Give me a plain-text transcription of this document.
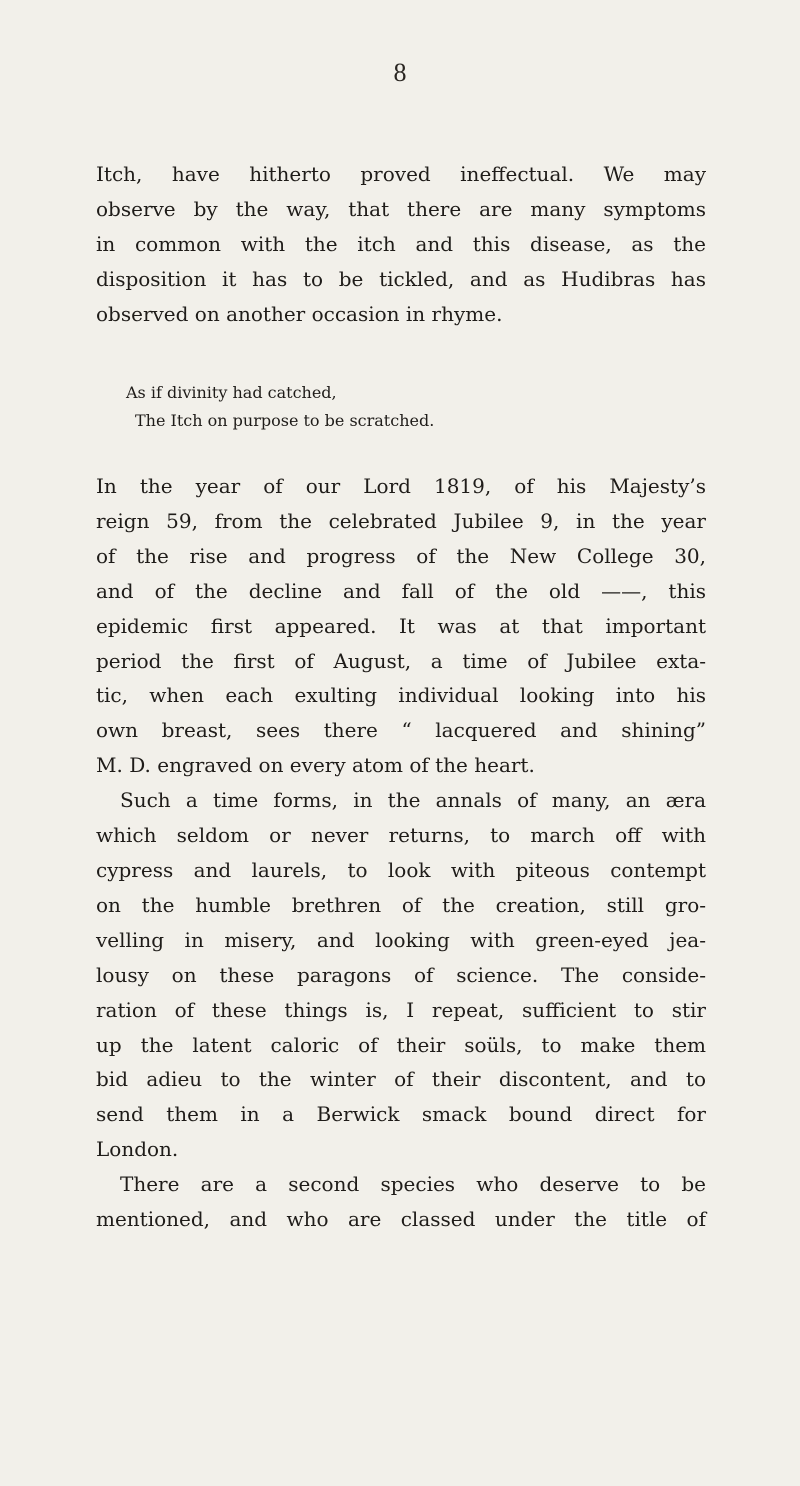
8
Itch, have hitherto proved ineffectual. We may
observe by the way, that there are many symptoms
in common with the itch and this disease, as the
disposition it has to be tickled, and as Hudibras has
observed on another occasion in rhyme.
As if divinity had catched,
The Itch on purpose to be scratched.
In the year of our Lord 1819, of his Majesty’s
reign 59, from the celebrated Jubilee 9, in the year
of the rise and progress of the New College 30,
and of the decline and fall of the old ——, this
epidemic first appeared. It was at that important
period the first of August, a time of Jubilee exta-
tic, when each exulting individual looking into his
own breast, sees there “ lacquered and shining”
M. D. engraved on every atom of the heart.
Such a time forms, in the annals of many, an æra
which seldom or never returns, to march off with
cypress and laurels, to look with piteous contempt
on the humble brethren of the creation, still gro-
velling in misery, and looking with green-eyed jea-
lousy on these paragons of science. The conside-
ration of these things is, I repeat, sufficient to stir
up the latent caloric of their soüls, to make them
bid adieu to the winter of their discontent, and to
send them in a Berwick smack bound direct for
London.
There are a second species who deserve to be
mentioned, and who are classed under the title of
